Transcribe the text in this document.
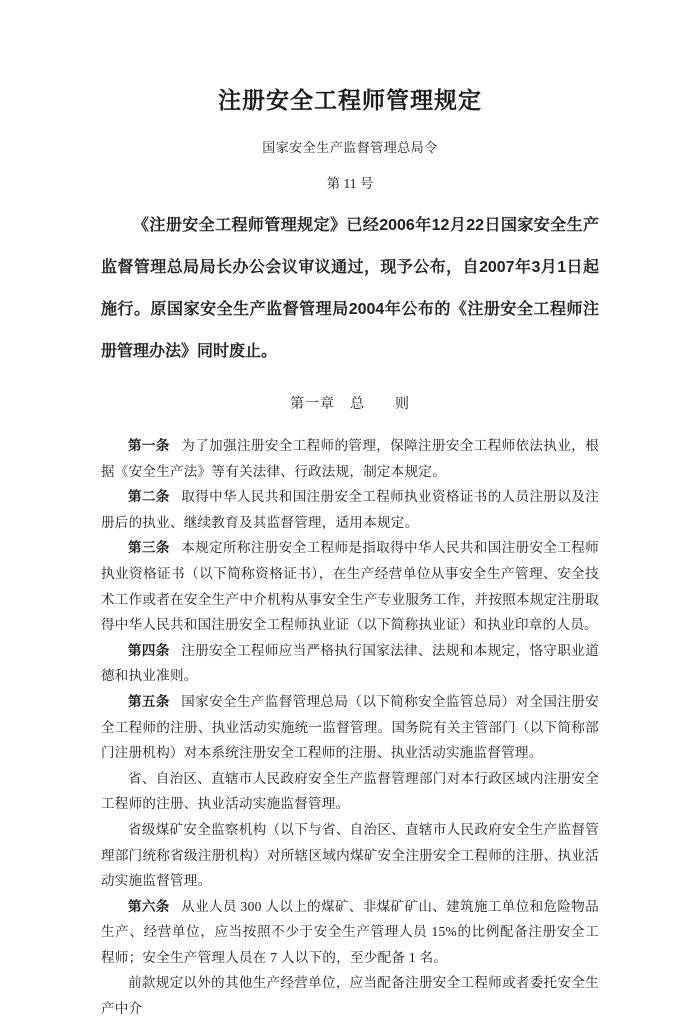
注册安全工程师管理规定
国家安全生产监督管理总局令
第 11 号

《注册安全工程师管理规定》已经2006年12月22日国家安全生产监督管理总局局长办公会议审议通过，现予公布，自2007年3月1日起施行。原国家安全生产监督管理局2004年公布的《注册安全工程师注册管理办法》同时废止。

第一章　总　　则

第一条 为了加强注册安全工程师的管理，保障注册安全工程师依法执业，根据《安全生产法》等有关法律、行政法规，制定本规定。

第二条 取得中华人民共和国注册安全工程师执业资格证书的人员注册以及注册后的执业、继续教育及其监督管理，适用本规定。

第三条 本规定所称注册安全工程师是指取得中华人民共和国注册安全工程师执业资格证书（以下简称资格证书），在生产经营单位从事安全生产管理、安全技术工作或者在安全生产中介机构从事安全生产专业服务工作，并按照本规定注册取得中华人民共和国注册安全工程师执业证（以下简称执业证）和执业印章的人员。

第四条 注册安全工程师应当严格执行国家法律、法规和本规定，恪守职业道德和执业准则。

第五条 国家安全生产监督管理总局（以下简称安全监管总局）对全国注册安全工程师的注册、执业活动实施统一监督管理。国务院有关主管部门（以下简称部门注册机构）对本系统注册安全工程师的注册、执业活动实施监督管理。

省、自治区、直辖市人民政府安全生产监督管理部门对本行政区域内注册安全工程师的注册、执业活动实施监督管理。

省级煤矿安全监察机构（以下与省、自治区、直辖市人民政府安全生产监督管理部门统称省级注册机构）对所辖区域内煤矿安全注册安全工程师的注册、执业活动实施监督管理。

第六条 从业人员 300 人以上的煤矿、非煤矿矿山、建筑施工单位和危险物品生产、经营单位，应当按照不少于安全生产管理人员 15%的比例配备注册安全工程师；安全生产管理人员在 7 人以下的，至少配备 1 名。

前款规定以外的其他生产经营单位，应当配备注册安全工程师或者委托安全生产中介
